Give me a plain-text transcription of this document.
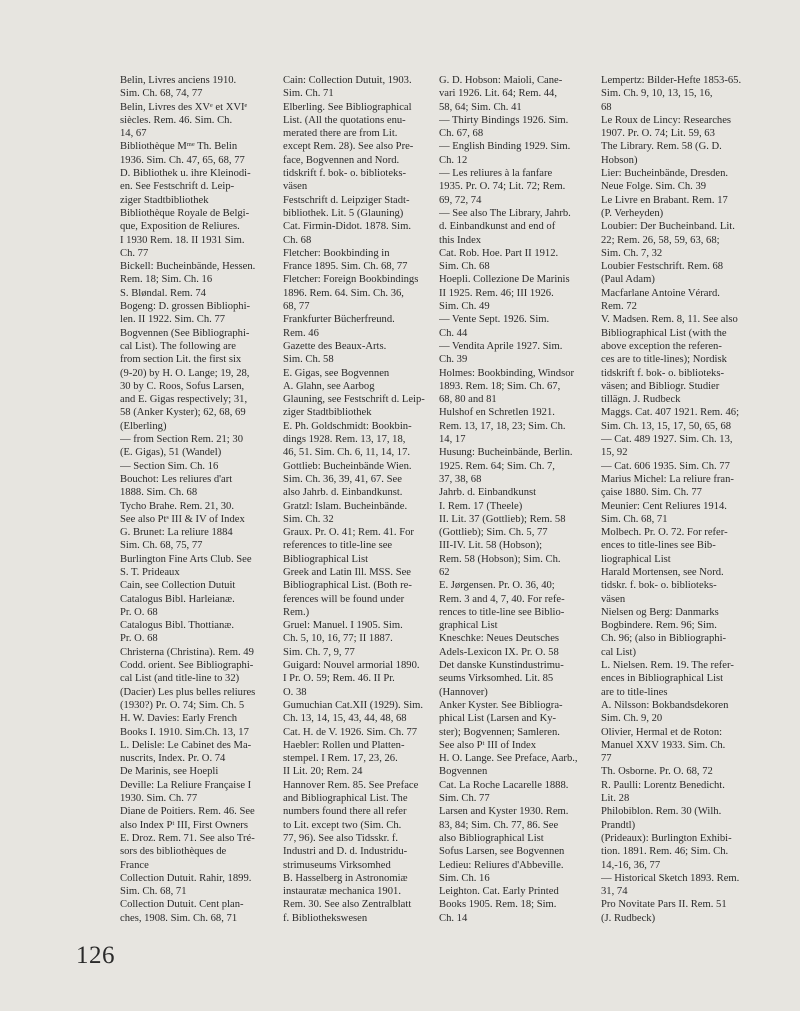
Belin, Livres anciens 1910.
Sim. Ch. 68, 74, 77
Belin, Livres des XVᵉ et XVIᵉ
siècles. Rem. 46. Sim. Ch.
14, 67
Bibliothèque Mᵐᵉ Th. Belin
1936. Sim. Ch. 47, 65, 68, 77
D. Bibliothek u. ihre Kleinodi-
en. See Festschrift d. Leip-
ziger Stadtbibliothek
Bibliothèque Royale de Belgi-
que, Exposition de Reliures.
I 1930 Rem. 18. II 1931 Sim.
Ch. 77
Bickell: Bucheinbände, Hessen.
Rem. 18; Sim. Ch. 16
S. Bløndal. Rem. 74
Bogeng: D. grossen Bibliophi-
len. II 1922. Sim. Ch. 77
Bogvennen (See Bibliographi-
cal List). The following are
from section Lit. the first six
(9-20) by H. O. Lange; 19, 28,
30 by C. Roos, Sofus Larsen,
and E. Gigas respectively; 31,
58 (Anker Kyster); 62, 68, 69
(Elberling)
— from Section Rem. 21; 30
(E. Gigas), 51 (Wandel)
— Section Sim. Ch. 16
Bouchot: Les reliures d'art
1888. Sim. Ch. 68
Tycho Brahe. Rem. 21, 30.
See also Ptˢ III & IV of Index
G. Brunet: La reliure 1884
Sim. Ch. 68, 75, 77
Burlington Fine Arts Club. See
S. T. Prideaux
Cain, see Collection Dutuit
Catalogus Bibl. Harleianæ.
Pr. O. 68
Catalogus Bibl. Thottianæ.
Pr. O. 68
Christerna (Christina). Rem. 49
Codd. orient. See Bibliographi-
cal List (and title-line to 32)
(Dacier) Les plus belles reliures
(1930?) Pr. O. 74; Sim. Ch. 5
H. W. Davies: Early French
Books I. 1910. Sim.Ch. 13, 17
L. Delisle: Le Cabinet des Ma-
nuscrits, Index. Pr. O. 74
De Marinis, see Hoepli
Deville: La Reliure Française I
1930. Sim. Ch. 77
Diane de Poitiers. Rem. 46. See
also Index Pᵗ III, First Owners
E. Droz. Rem. 71. See also Tré-
sors des bibliothèques de
France
Collection Dutuit. Rahir, 1899.
Sim. Ch. 68, 71
Collection Dutuit. Cent plan-
ches, 1908. Sim. Ch. 68, 71
Cain: Collection Dutuit, 1903.
Sim. Ch. 71
Elberling. See Bibliographical
List. (All the quotations enu-
merated there are from Lit.
except Rem. 28). See also Pre-
face, Bogvennen and Nord.
tidskrift f. bok- o. biblioteks-
väsen
Festschrift d. Leipziger Stadt-
bibliothek. Lit. 5 (Glauning)
Cat. Firmin-Didot. 1878. Sim.
Ch. 68
Fletcher: Bookbinding in
France 1895. Sim. Ch. 68, 77
Fletcher: Foreign Bookbindings
1896. Rem. 64. Sim. Ch. 36,
68, 77
Frankfurter Bücherfreund.
Rem. 46
Gazette des Beaux-Arts.
Sim. Ch. 58
E. Gigas, see Bogvennen
A. Glahn, see Aarbog
Glauning, see Festschrift d. Leip-
ziger Stadtbibliothek
E. Ph. Goldschmidt: Bookbin-
dings 1928. Rem. 13, 17, 18,
46, 51. Sim. Ch. 6, 11, 14, 17.
Gottlieb: Bucheinbände Wien.
Sim. Ch. 36, 39, 41, 67. See
also Jahrb. d. Einbandkunst.
Gratzl: Islam. Bucheinbände.
Sim. Ch. 32
Graux. Pr. O. 41; Rem. 41. For
references to title-line see
Bibliographical List
Greek and Latin Ill. MSS. See
Bibliographical List. (Both re-
ferences will be found under
Rem.)
Gruel: Manuel. I 1905. Sim.
Ch. 5, 10, 16, 77; II 1887.
Sim. Ch. 7, 9, 77
Guigard: Nouvel armorial 1890.
I Pr. O. 59; Rem. 46. II Pr.
O. 38
Gumuchian Cat.XII (1929). Sim.
Ch. 13, 14, 15, 43, 44, 48, 68
Cat. H. de V. 1926. Sim. Ch. 77
Haebler: Rollen und Platten-
stempel. I Rem. 17, 23, 26.
II Lit. 20; Rem. 24
Hannover Rem. 85. See Preface
and Bibliographical List. The
numbers found there all refer
to Lit. except two (Sim. Ch.
77, 96). See also Tidsskr. f.
Industri and D. d. Industridu-
strimuseums Virksomhed
B. Hasselberg in Astronomiæ
instauratæ mechanica 1901.
Rem. 30. See also Zentralblatt
f. Bibliothekswesen
G. D. Hobson: Maioli, Cane-
vari 1926. Lit. 64; Rem. 44,
58, 64; Sim. Ch. 41
— Thirty Bindings 1926. Sim.
Ch. 67, 68
— English Binding 1929. Sim.
Ch. 12
— Les reliures à la fanfare
1935. Pr. O. 74; Lit. 72; Rem.
69, 72, 74
— See also The Library, Jahrb.
d. Einbandkunst and end of
this Index
Cat. Rob. Hoe. Part II 1912.
Sim. Ch. 68
Hoepli. Collezione De Marinis
II 1925. Rem. 46; III 1926.
Sim. Ch. 49
— Vente Sept. 1926. Sim.
Ch. 44
— Vendita Aprile 1927. Sim.
Ch. 39
Holmes: Bookbinding, Windsor
1893. Rem. 18; Sim. Ch. 67,
68, 80 and 81
Hulshof en Schretlen 1921.
Rem. 13, 17, 18, 23; Sim. Ch.
14, 17
Husung: Bucheinbände, Berlin.
1925. Rem. 64; Sim. Ch. 7,
37, 38, 68
Jahrb. d. Einbandkunst
I. Rem. 17 (Theele)
II. Lit. 37 (Gottlieb); Rem. 58
(Gottlieb); Sim. Ch. 5, 77
III-IV. Lit. 58 (Hobson);
Rem. 58 (Hobson); Sim. Ch.
62
E. Jørgensen. Pr. O. 36, 40;
Rem. 3 and 4, 7, 40. For refe-
rences to title-line see Biblio-
graphical List
Kneschke: Neues Deutsches
Adels-Lexicon IX. Pr. O. 58
Det danske Kunstindustrimu-
seums Virksomhed. Lit. 85
(Hannover)
Anker Kyster. See Bibliogra-
phical List (Larsen and Ky-
ster); Bogvennen; Samleren.
See also Pᵗ III of Index
H. O. Lange. See Preface, Aarb.,
Bogvennen
Cat. La Roche Lacarelle 1888.
Sim. Ch. 77
Larsen and Kyster 1930. Rem.
83, 84; Sim. Ch. 77, 86. See
also Bibliographical List
Sofus Larsen, see Bogvennen
Ledieu: Reliures d'Abbeville.
Sim. Ch. 16
Leighton. Cat. Early Printed
Books 1905. Rem. 18; Sim.
Ch. 14
Lempertz: Bilder-Hefte 1853-65.
Sim. Ch. 9, 10, 13, 15, 16,
68
Le Roux de Lincy: Researches
1907. Pr. O. 74; Lit. 59, 63
The Library. Rem. 58 (G. D.
Hobson)
Lier: Bucheinbände, Dresden.
Neue Folge. Sim. Ch. 39
Le Livre en Brabant. Rem. 17
(P. Verheyden)
Loubier: Der Bucheinband. Lit.
22; Rem. 26, 58, 59, 63, 68;
Sim. Ch. 7, 32
Loubier Festschrift. Rem. 68
(Paul Adam)
Macfarlane Antoine Vérard.
Rem. 72
V. Madsen. Rem. 8, 11. See also
Bibliographical List (with the
above exception the referen-
ces are to title-lines); Nordisk
tidskrift f. bok- o. biblioteks-
väsen; and Bibliogr. Studier
tillägn. J. Rudbeck
Maggs. Cat. 407 1921. Rem. 46;
Sim. Ch. 13, 15, 17, 50, 65, 68
— Cat. 489 1927. Sim. Ch. 13,
15, 92
— Cat. 606 1935. Sim. Ch. 77
Marius Michel: La reliure fran-
çaise 1880. Sim. Ch. 77
Meunier: Cent Reliures 1914.
Sim. Ch. 68, 71
Molbech. Pr. O. 72. For refer-
ences to title-lines see Bib-
liographical List
Harald Mortensen, see Nord.
tidskr. f. bok- o. biblioteks-
väsen
Nielsen og Berg: Danmarks
Bogbindere. Rem. 96; Sim.
Ch. 96; (also in Bibliographi-
cal List)
L. Nielsen. Rem. 19. The refer-
ences in Bibliographical List
are to title-lines
A. Nilsson: Bokbandsdekoren
Sim. Ch. 9, 20
Olivier, Hermal et de Roton:
Manuel XXV 1933. Sim. Ch.
77
Th. Osborne. Pr. O. 68, 72
R. Paulli: Lorentz Benedicht.
Lit. 28
Philobiblon. Rem. 30 (Wilh.
Prandtl)
(Prideaux): Burlington Exhibi-
tion. 1891. Rem. 46; Sim. Ch.
14,-16, 36, 77
— Historical Sketch 1893. Rem.
31, 74
Pro Novitate Pars II. Rem. 51
(J. Rudbeck)
126
